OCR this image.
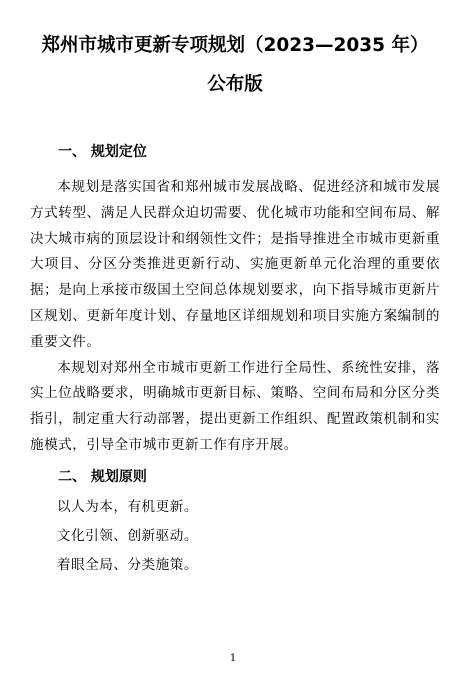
郑州市城市更新专项规划（2023—2035 年）
公布版
一、 规划定位

本规划是落实国省和郑州城市发展战略、促进经济和城市发展方式转型、满足人民群众迫切需要、优化城市功能和空间布局、解决大城市病的顶层设计和纲领性文件；是指导推进全市城市更新重大项目、分区分类推进更新行动、实施更新单元化治理的重要依据；是向上承接市级国土空间总体规划要求，向下指导城市更新片区规划、更新年度计划、存量地区详细规划和项目实施方案编制的重要文件。

本规划对郑州全市城市更新工作进行全局性、系统性安排，落实上位战略要求，明确城市更新目标、策略、空间布局和分区分类指引，制定重大行动部署，提出更新工作组织、配置政策机制和实施模式，引导全市城市更新工作有序开展。

二、 规划原则

以人为本，有机更新。

文化引领、创新驱动。

着眼全局、分类施策。

1
